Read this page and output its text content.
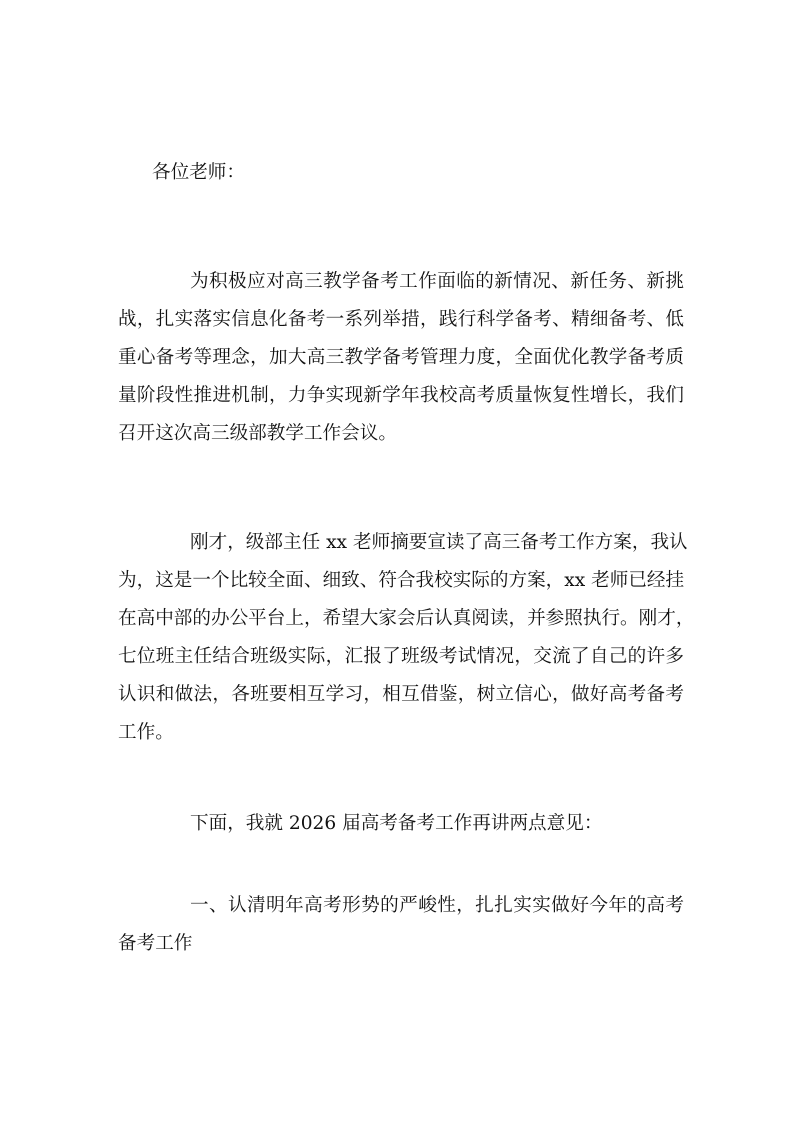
各位老师：
为积极应对高三教学备考工作面临的新情况、新任务、新挑
战，扎实落实信息化备考一系列举措，践行科学备考、精细备考、低
重心备考等理念，加大高三教学备考管理力度，全面优化教学备考质
量阶段性推进机制，力争实现新学年我校高考质量恢复性增长，我们
召开这次高三级部教学工作会议。
刚才，级部主任 xx 老师摘要宣读了高三备考工作方案，我认
为，这是一个比较全面、细致、符合我校实际的方案，xx 老师已经挂
在高中部的办公平台上，希望大家会后认真阅读，并参照执行。刚才，
七位班主任结合班级实际，汇报了班级考试情况，交流了自己的许多
认识和做法，各班要相互学习，相互借鉴，树立信心，做好高考备考
工作。
下面，我就 2026 届高考备考工作再讲两点意见：
一、认清明年高考形势的严峻性，扎扎实实做好今年的高考
备考工作
